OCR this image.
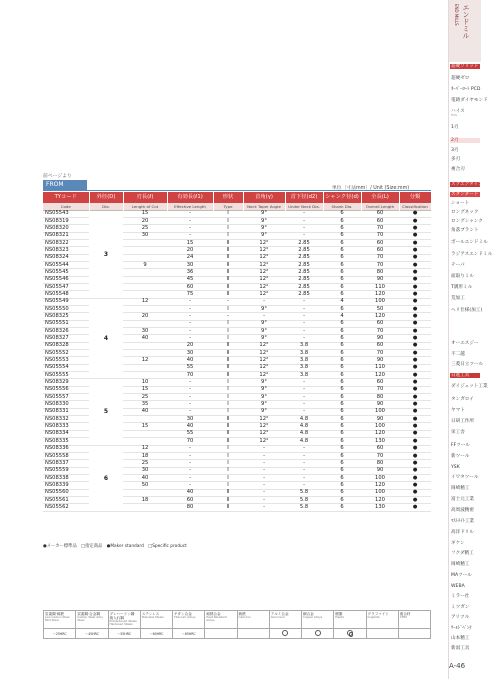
エンドミル
END MILLS
超硬ソリッド
超硬ゼロ
ｵｰﾊﾞｰﾛｰﾄ PCD
電鋳ダイヤモンド
ハイス
HSS
1刃
2刃
3刃
多刃
複合刃
スクエアタイプ
スタンダード
ショート
ロングネック
ロングシャンク
角落ブラント
ボールエンドミル
ラジアスエンドミル
テーパ
面取りミル
T溝形ミル
荒加工
ヘリ仕様(加工)
オーエスジー
不二越
三菱日立ツール
日進工具
ダイジェット工業
タンガロイ
ヤマト
日研工作所
栄工舎
FFツール
新ツール
YSK
イワタツール
岡崎精工
富士元工業
高周波精密
ﾏｽﾄﾗｲﾄ工業
高洋ドリル
ギケン
フクダ精工
岡崎精工
MAツール
WEBA
ミラー社
ミツガン
アリツル
ﾜｰﾙﾄﾞﾍﾞﾝﾁ
山本精工
新潟工具
A-46
前ページより
FROM
単位〔寸法mm〕/ Unit (Size:mm)
TYコード	外径(D)	刃長(ℓ)	有効長(ℓ1)	形状	首角(γ)	首下径(d2)	シャンク径(d)	全長(L)	分類
Code	Dia.	Length of Cut	Effective Length	Type	Neck Taper Angle	Under Neck Dia.	Shank Dia.	Overall Length	Classification
NS05543	3	15	-	I	9°	-	6	60	●
NS08319		20	-	I	9°	-	6	60	●
NS08320		25	-	I	9°	-	6	70	●
NS08321		30	-	I	9°	-	6	70	●
NS08322			15	II	12°	2.85	6	60	●
NS08323			20	II	12°	2.85	6	60	●
NS08324			24	II	12°	2.85	6	70	●
NS05544		9	30	II	12°	2.85	6	70	●
NS05545			36	II	12°	2.85	6	80	●
NS05546			45	II	12°	2.85	6	90	●
NS05547			60	II	12°	2.85	6	110	●
NS05548			75	II	12°	2.85	6	120	●
NS05549	4	12	-	-	-	-	4	100	●
NS05550			-	I	9°	-	6	50	●
NS08325		20	-	-	-	-	4	120	●
NS05551			-	I	9°	-	6	60	●
NS08326		30	-	I	9°	-	6	70	●
NS08327		40	-	I	9°	-	6	90	●
NS08328			20	II	12°	3.8	6	60	●
NS05552			30	II	12°	3.8	6	70	●
NS05553		12	40	II	12°	3.8	6	90	●
NS05554			55	II	12°	3.8	6	110	●
NS05555			70	II	12°	3.8	6	120	●
NS08329	5	10	-	I	9°	-	6	60	●
NS05556		15	-	I	9°	-	6	70	●
NS05557		25	-	I	9°	-	6	80	●
NS08330		35	-	I	9°	-	6	90	●
NS08331		40	-	I	9°	-	6	100	●
NS08332			30	II	12°	4.8	6	90	●
NS08333		15	40	II	12°	4.8	6	100	●
NS08334			55	II	12°	4.8	6	120	●
NS08335			70	II	12°	4.8	6	130	●
NS08336	6	12	-	I	-	-	6	60	●
NS05558		18	-	I	-	-	6	70	●
NS08337		25	-	I	-	-	6	80	●
NS05559		30	-	I	-	-	6	90	●
NS08338		40	-	I	-	-	6	100	●
NS08339		50	-	I	-	-	6	120	●
NS05560			40	II	-	5.8	6	100	●
NS05561		18	60	II	-	5.8	6	120	●
NS05562			80	II	-	5.8	6	130	●
●メーカー標準品　□指定商品　●Maker standard　□Specific product
炭素鋼·鋳鉄
Low Carbon Steel Mild Steel	炭素鋼·合金鋼
Carbon Steel Alloy Steel	プレハードン鋼·焼入れ鋼
Prehardened Steels Hardened Steels	ステンレス
Stainless Steels	チタン合金
Titanium Alloys	耐熱合金
Heat Resistant Alloys	鋳鉄
Cast Iron	アルミ合金
Aluminum	銅合金
Copper Alloys	樹脂
Plastic	グラファイト
Graphite	複合材
CFRP

〜25HRC	〜45HRC	〜55HRC	〜60HRC	〜65HRC							
